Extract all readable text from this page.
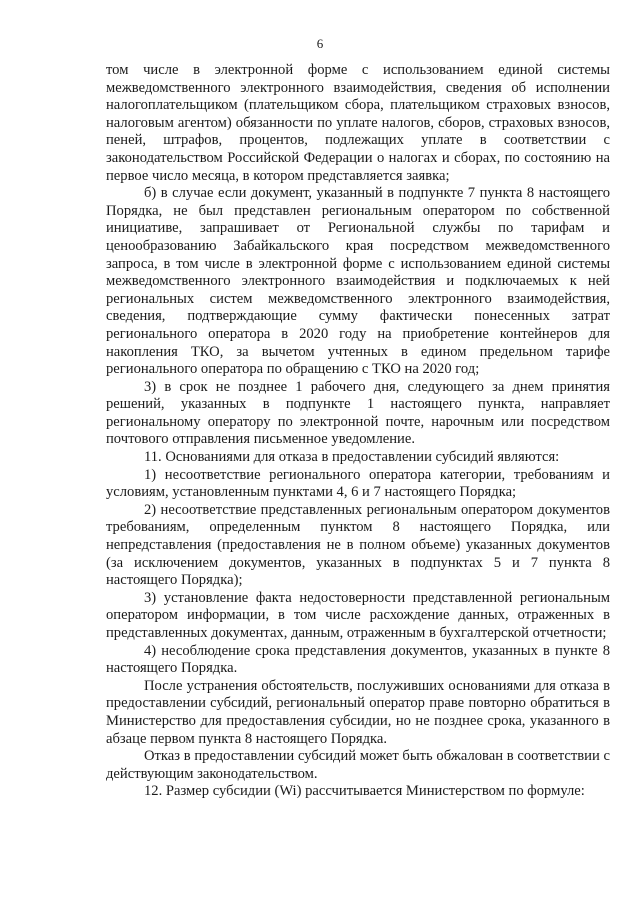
6

том числе в электронной форме с использованием единой системы межведомственного электронного взаимодействия, сведения об исполнении налогоплательщиком (плательщиком сбора, плательщиком страховых взносов, налоговым агентом) обязанности по уплате налогов, сборов, страховых взносов, пеней, штрафов, процентов, подлежащих уплате в соответствии с законодательством Российской Федерации о налогах и сборах, по состоянию на первое число месяца, в котором представляется заявка;

б) в случае если документ, указанный в подпункте 7 пункта 8 настоящего Порядка, не был представлен региональным оператором по собственной инициативе, запрашивает от Региональной службы по тарифам и ценообразованию Забайкальского края посредством межведомственного запроса, в том числе в электронной форме с использованием единой системы межведомственного электронного взаимодействия и подключаемых к ней региональных систем межведомственного электронного взаимодействия, сведения, подтверждающие сумму фактически понесенных затрат регионального оператора в 2020 году на приобретение контейнеров для накопления ТКО, за вычетом учтенных в едином предельном тарифе регионального оператора по обращению с ТКО на 2020 год;

3) в срок не позднее 1 рабочего дня, следующего за днем принятия решений, указанных в подпункте 1 настоящего пункта, направляет региональному оператору по электронной почте, нарочным или посредством почтового отправления письменное уведомление.

11. Основаниями для отказа в предоставлении субсидий являются:

1) несоответствие регионального оператора категории, требованиям и условиям, установленным пунктами 4, 6 и 7 настоящего Порядка;

2) несоответствие представленных региональным оператором документов требованиям, определенным пунктом 8 настоящего Порядка, или непредставления (предоставления не в полном объеме) указанных документов (за исключением документов, указанных в подпунктах 5 и 7 пункта 8 настоящего Порядка);

3) установление факта недостоверности представленной региональным оператором информации, в том числе расхождение данных, отраженных в представленных документах, данным, отраженным в бухгалтерской отчетности;

4) несоблюдение срока представления документов, указанных в пункте 8 настоящего Порядка.

После устранения обстоятельств, послуживших основаниями для отказа в предоставлении субсидий, региональный оператор праве повторно обратиться в Министерство для предоставления субсидии, но не позднее срока, указанного в абзаце первом пункта 8 настоящего Порядка.

Отказ в предоставлении субсидий может быть обжалован в соответствии с действующим законодательством.

12. Размер субсидии (Wi) рассчитывается Министерством по формуле:
